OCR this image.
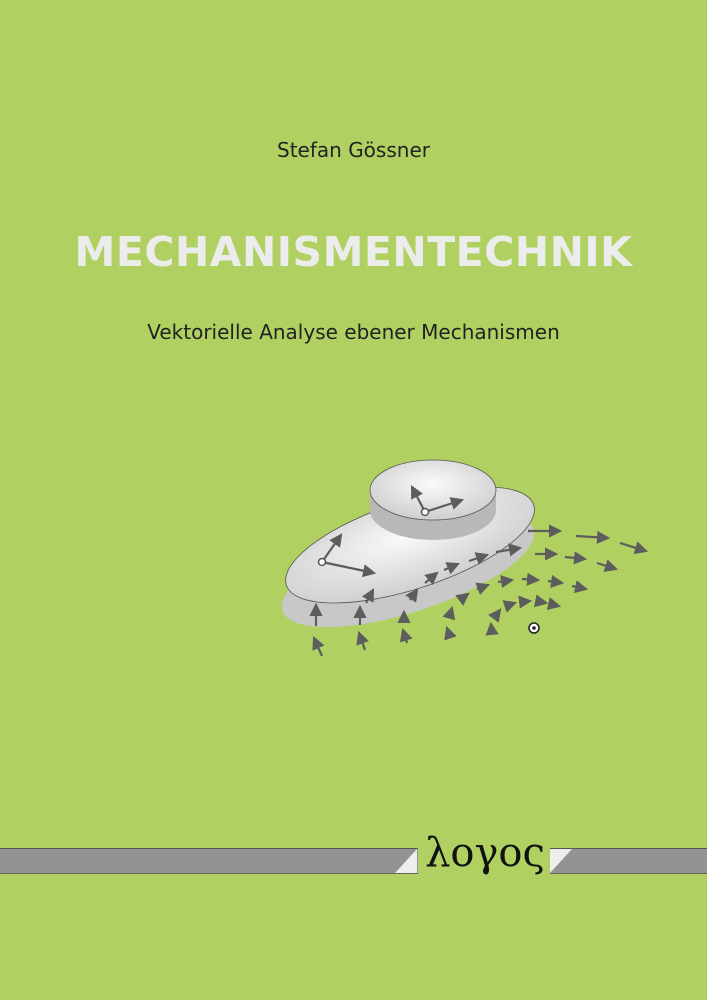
Stefan Gössner
MECHANISMENTECHNIK
Vektorielle Analyse ebener Mechanismen
λογος
